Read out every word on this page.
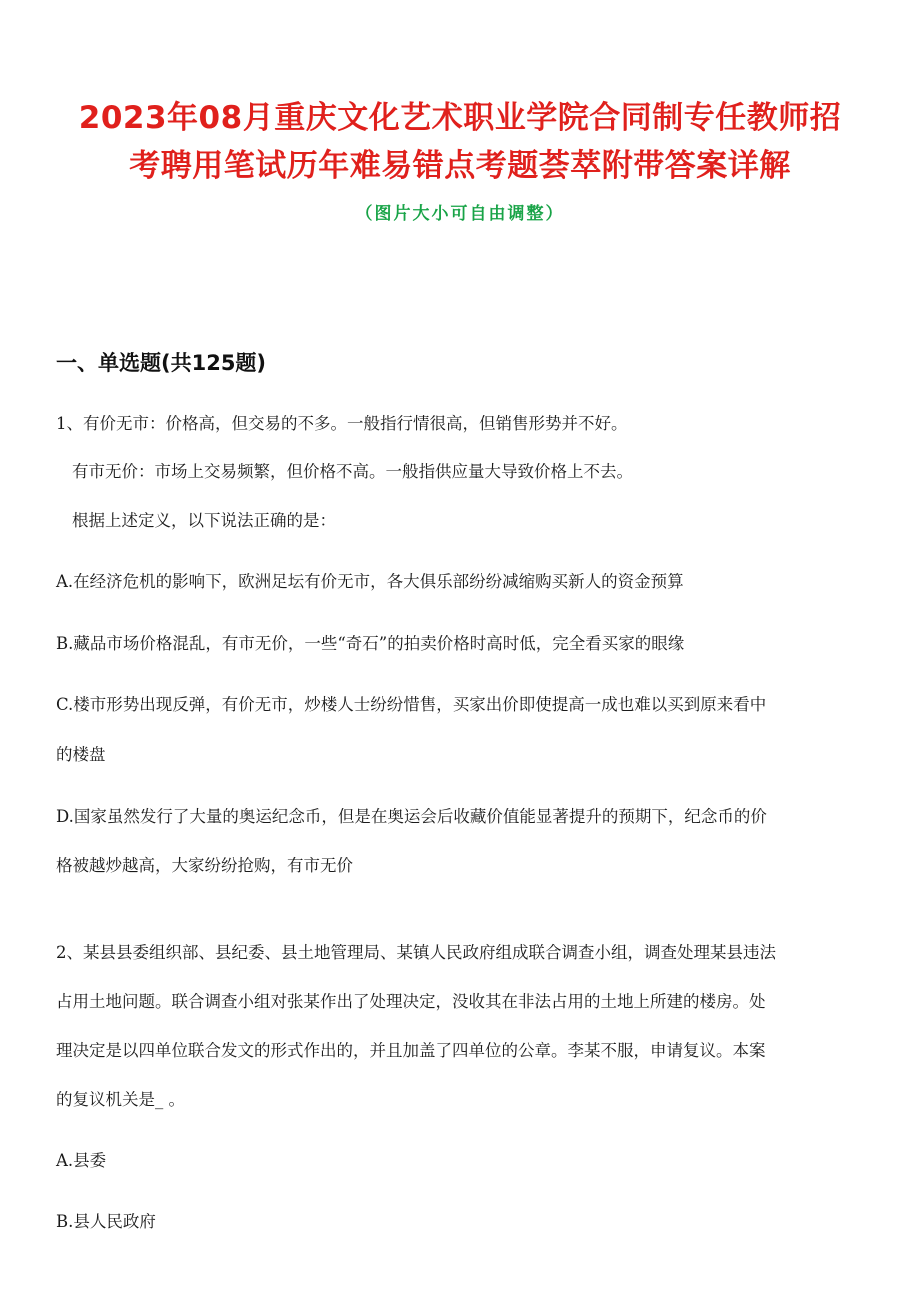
2023年08月重庆文化艺术职业学院合同制专任教师招
考聘用笔试历年难易错点考题荟萃附带答案详解
（图片大小可自由调整）
一、单选题(共125题)
1、有价无市：价格高，但交易的不多。一般指行情很高，但销售形势并不好。
有市无价：市场上交易频繁，但价格不高。一般指供应量大导致价格上不去。
根据上述定义，以下说法正确的是：
A.在经济危机的影响下，欧洲足坛有价无市，各大俱乐部纷纷减缩购买新人的资金预算
B.藏品市场价格混乱，有市无价，一些“奇石”的拍卖价格时高时低，完全看买家的眼缘
C.楼市形势出现反弹，有价无市，炒楼人士纷纷惜售，买家出价即使提高一成也难以买到原来看中
的楼盘
D.国家虽然发行了大量的奥运纪念币，但是在奥运会后收藏价值能显著提升的预期下，纪念币的价
格被越炒越高，大家纷纷抢购，有市无价
2、某县县委组织部、县纪委、县土地管理局、某镇人民政府组成联合调查小组，调查处理某县违法
占用土地问题。联合调查小组对张某作出了处理决定，没收其在非法占用的土地上所建的楼房。处
理决定是以四单位联合发文的形式作出的，并且加盖了四单位的公章。李某不服，申请复议。本案
的复议机关是_ 。
A.县委
B.县人民政府
